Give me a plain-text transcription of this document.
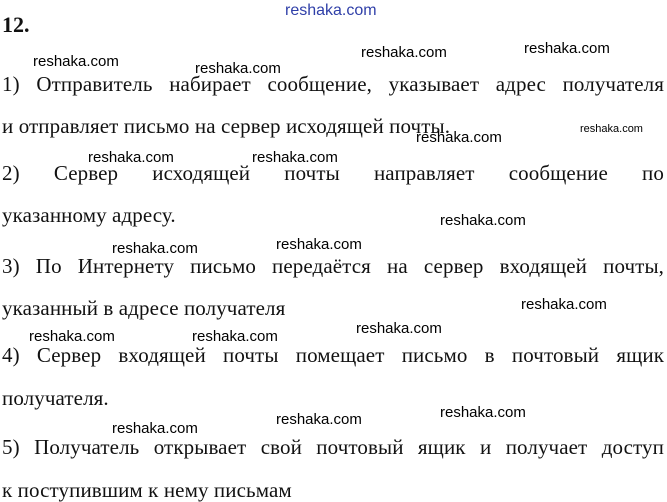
12.
1) Отправитель набирает сообщение, указывает адрес получателя
и отправляет письмо на сервер исходящей почты.
2) Сервер исходящей почты направляет сообщение по
указанному адресу.
3) По Интернету письмо передаётся на сервер входящей почты,
указанный в адресе получателя
4) Сервер входящей почты помещает письмо в почтовый ящик
получателя.
5) Получатель открывает свой почтовый ящик и получает доступ
к поступившим к нему письмам
reshaka.com
reshaka.com	reshaka.com
reshaka.com	reshaka.com
reshaka.com
reshaka.com
reshaka.com	reshaka.com
reshaka.com
reshaka.com	reshaka.com
reshaka.com
reshaka.com	reshaka.com	reshaka.com
reshaka.com
reshaka.com
reshaka.com
